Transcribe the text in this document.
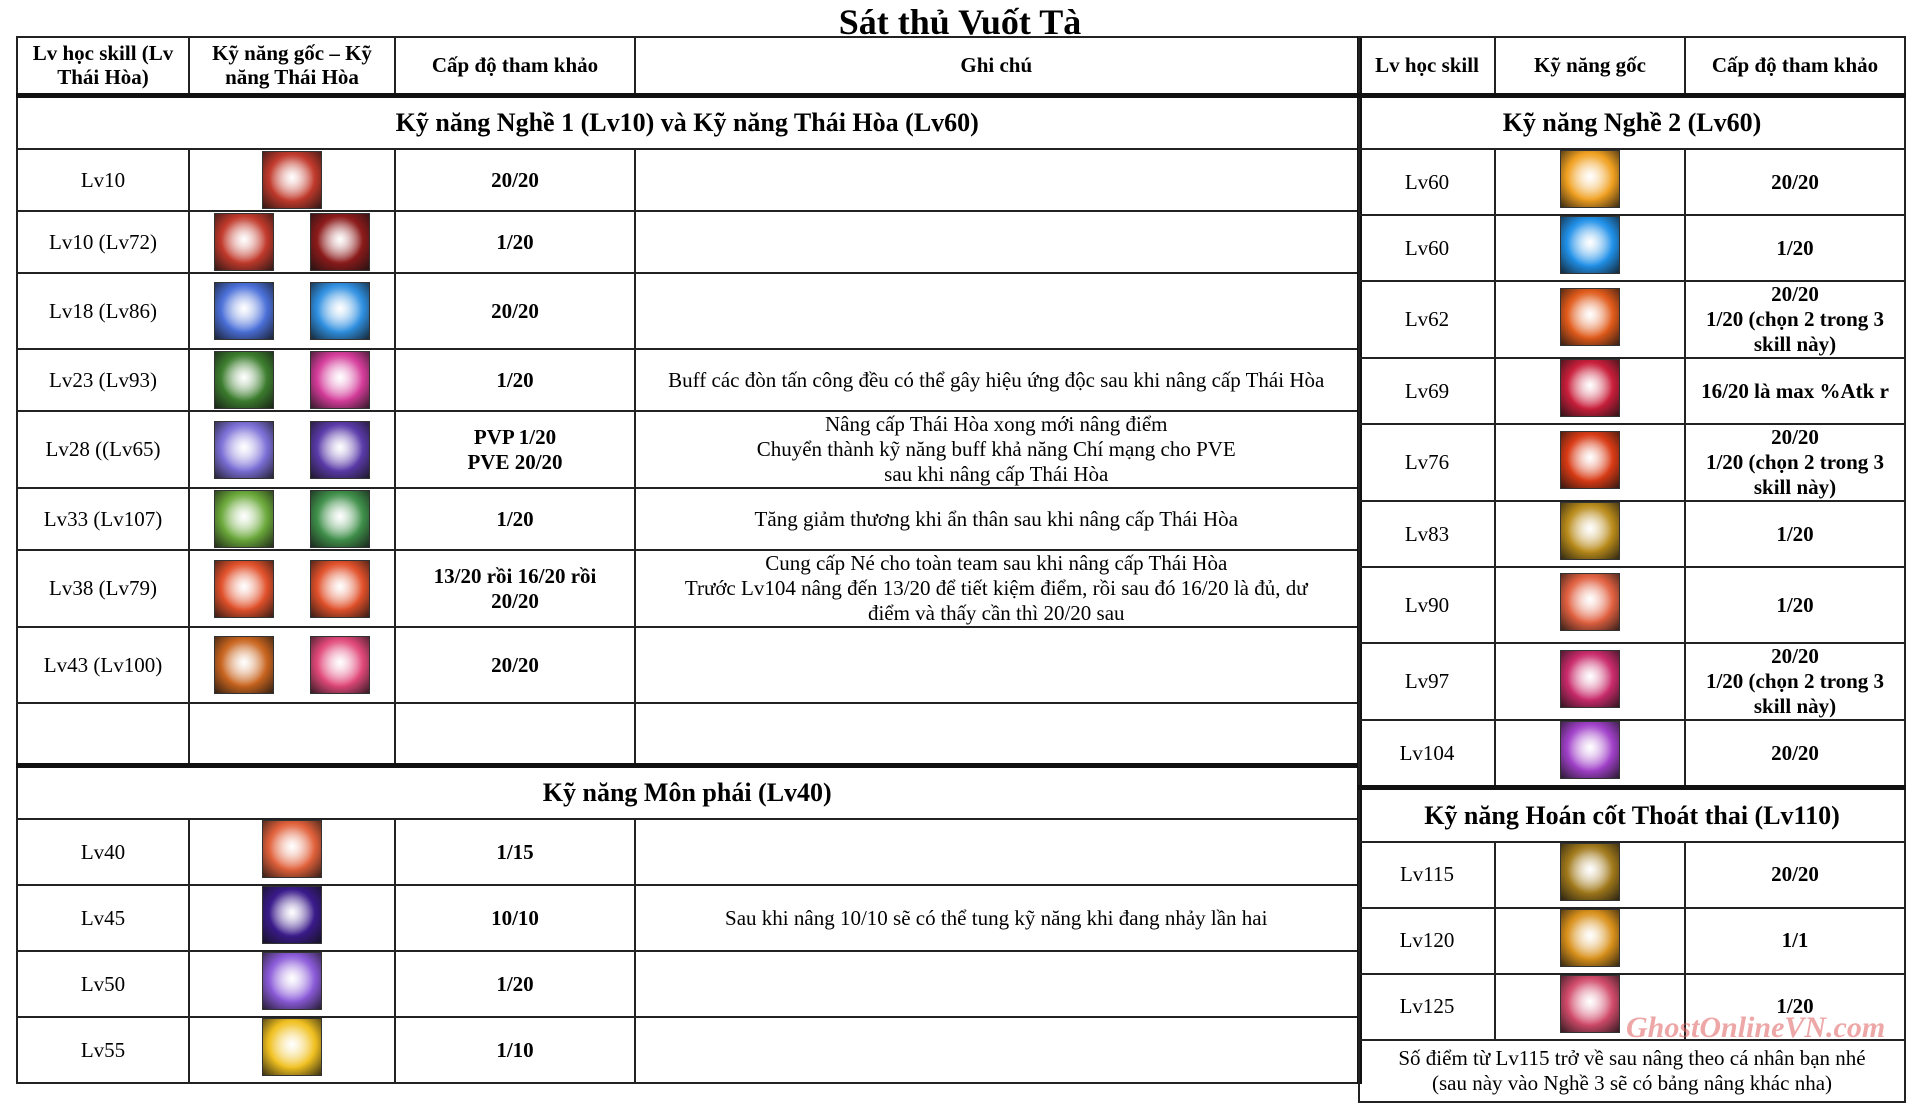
Sát thủ Vuốt Tà
Lv học skill (Lv Thái Hòa)	Kỹ năng gốc – Kỹ năng Thái Hòa	Cấp độ tham khảo	Ghi chú
Kỹ năng Nghề 1 (Lv10) và Kỹ năng Thái Hòa (Lv60)			
Lv10		20/20	
Lv10 (Lv72)		1/20	
Lv18 (Lv86)		20/20	
Lv23 (Lv93)		1/20	Buff các đòn tấn công đều có thể gây hiệu ứng độc sau khi nâng cấp Thái Hòa
Lv28 ((Lv65)		PVP 1/20
PVE 20/20	Nâng cấp Thái Hòa xong mới nâng điểm
Chuyển thành kỹ năng buff khả năng Chí mạng cho PVE
sau khi nâng cấp Thái Hòa
Lv33 (Lv107)		1/20	Tăng giảm thương khi ẩn thân sau khi nâng cấp Thái Hòa
Lv38 (Lv79)		13/20 rồi 16/20 rồi
20/20	Cung cấp Né cho toàn team sau khi nâng cấp Thái Hòa
Trước Lv104 nâng đến 13/20 để tiết kiệm điểm, rồi sau đó 16/20 là đủ, dư
điểm và thấy cần thì 20/20 sau
Lv43 (Lv100)		20/20	

Kỹ năng Môn phái (Lv40)			
Lv40		1/15	
Lv45		10/10	Sau khi nâng 10/10 sẽ có thể tung kỹ năng khi đang nhảy lần hai
Lv50		1/20	
Lv55		1/10	
Lv học skill	Kỹ năng gốc	Cấp độ tham khảo
Kỹ năng Nghề 2 (Lv60)		
Lv60		20/20
Lv60		1/20
Lv62		20/20
1/20 (chọn 2 trong 3 skill này)
Lv69		16/20 là max %Atk r
Lv76		20/20
1/20 (chọn 2 trong 3 skill này)
Lv83		1/20
Lv90		1/20
Lv97		20/20
1/20 (chọn 2 trong 3 skill này)
Lv104		20/20
Kỹ năng Hoán cốt Thoát thai (Lv110)		
Lv115		20/20
Lv120		1/1
Lv125		1/20
Số điểm từ Lv115 trở về sau nâng theo cá nhân bạn nhé
(sau này vào Nghề 3 sẽ có bảng nâng khác nha)		
GhostOnlineVN.com
